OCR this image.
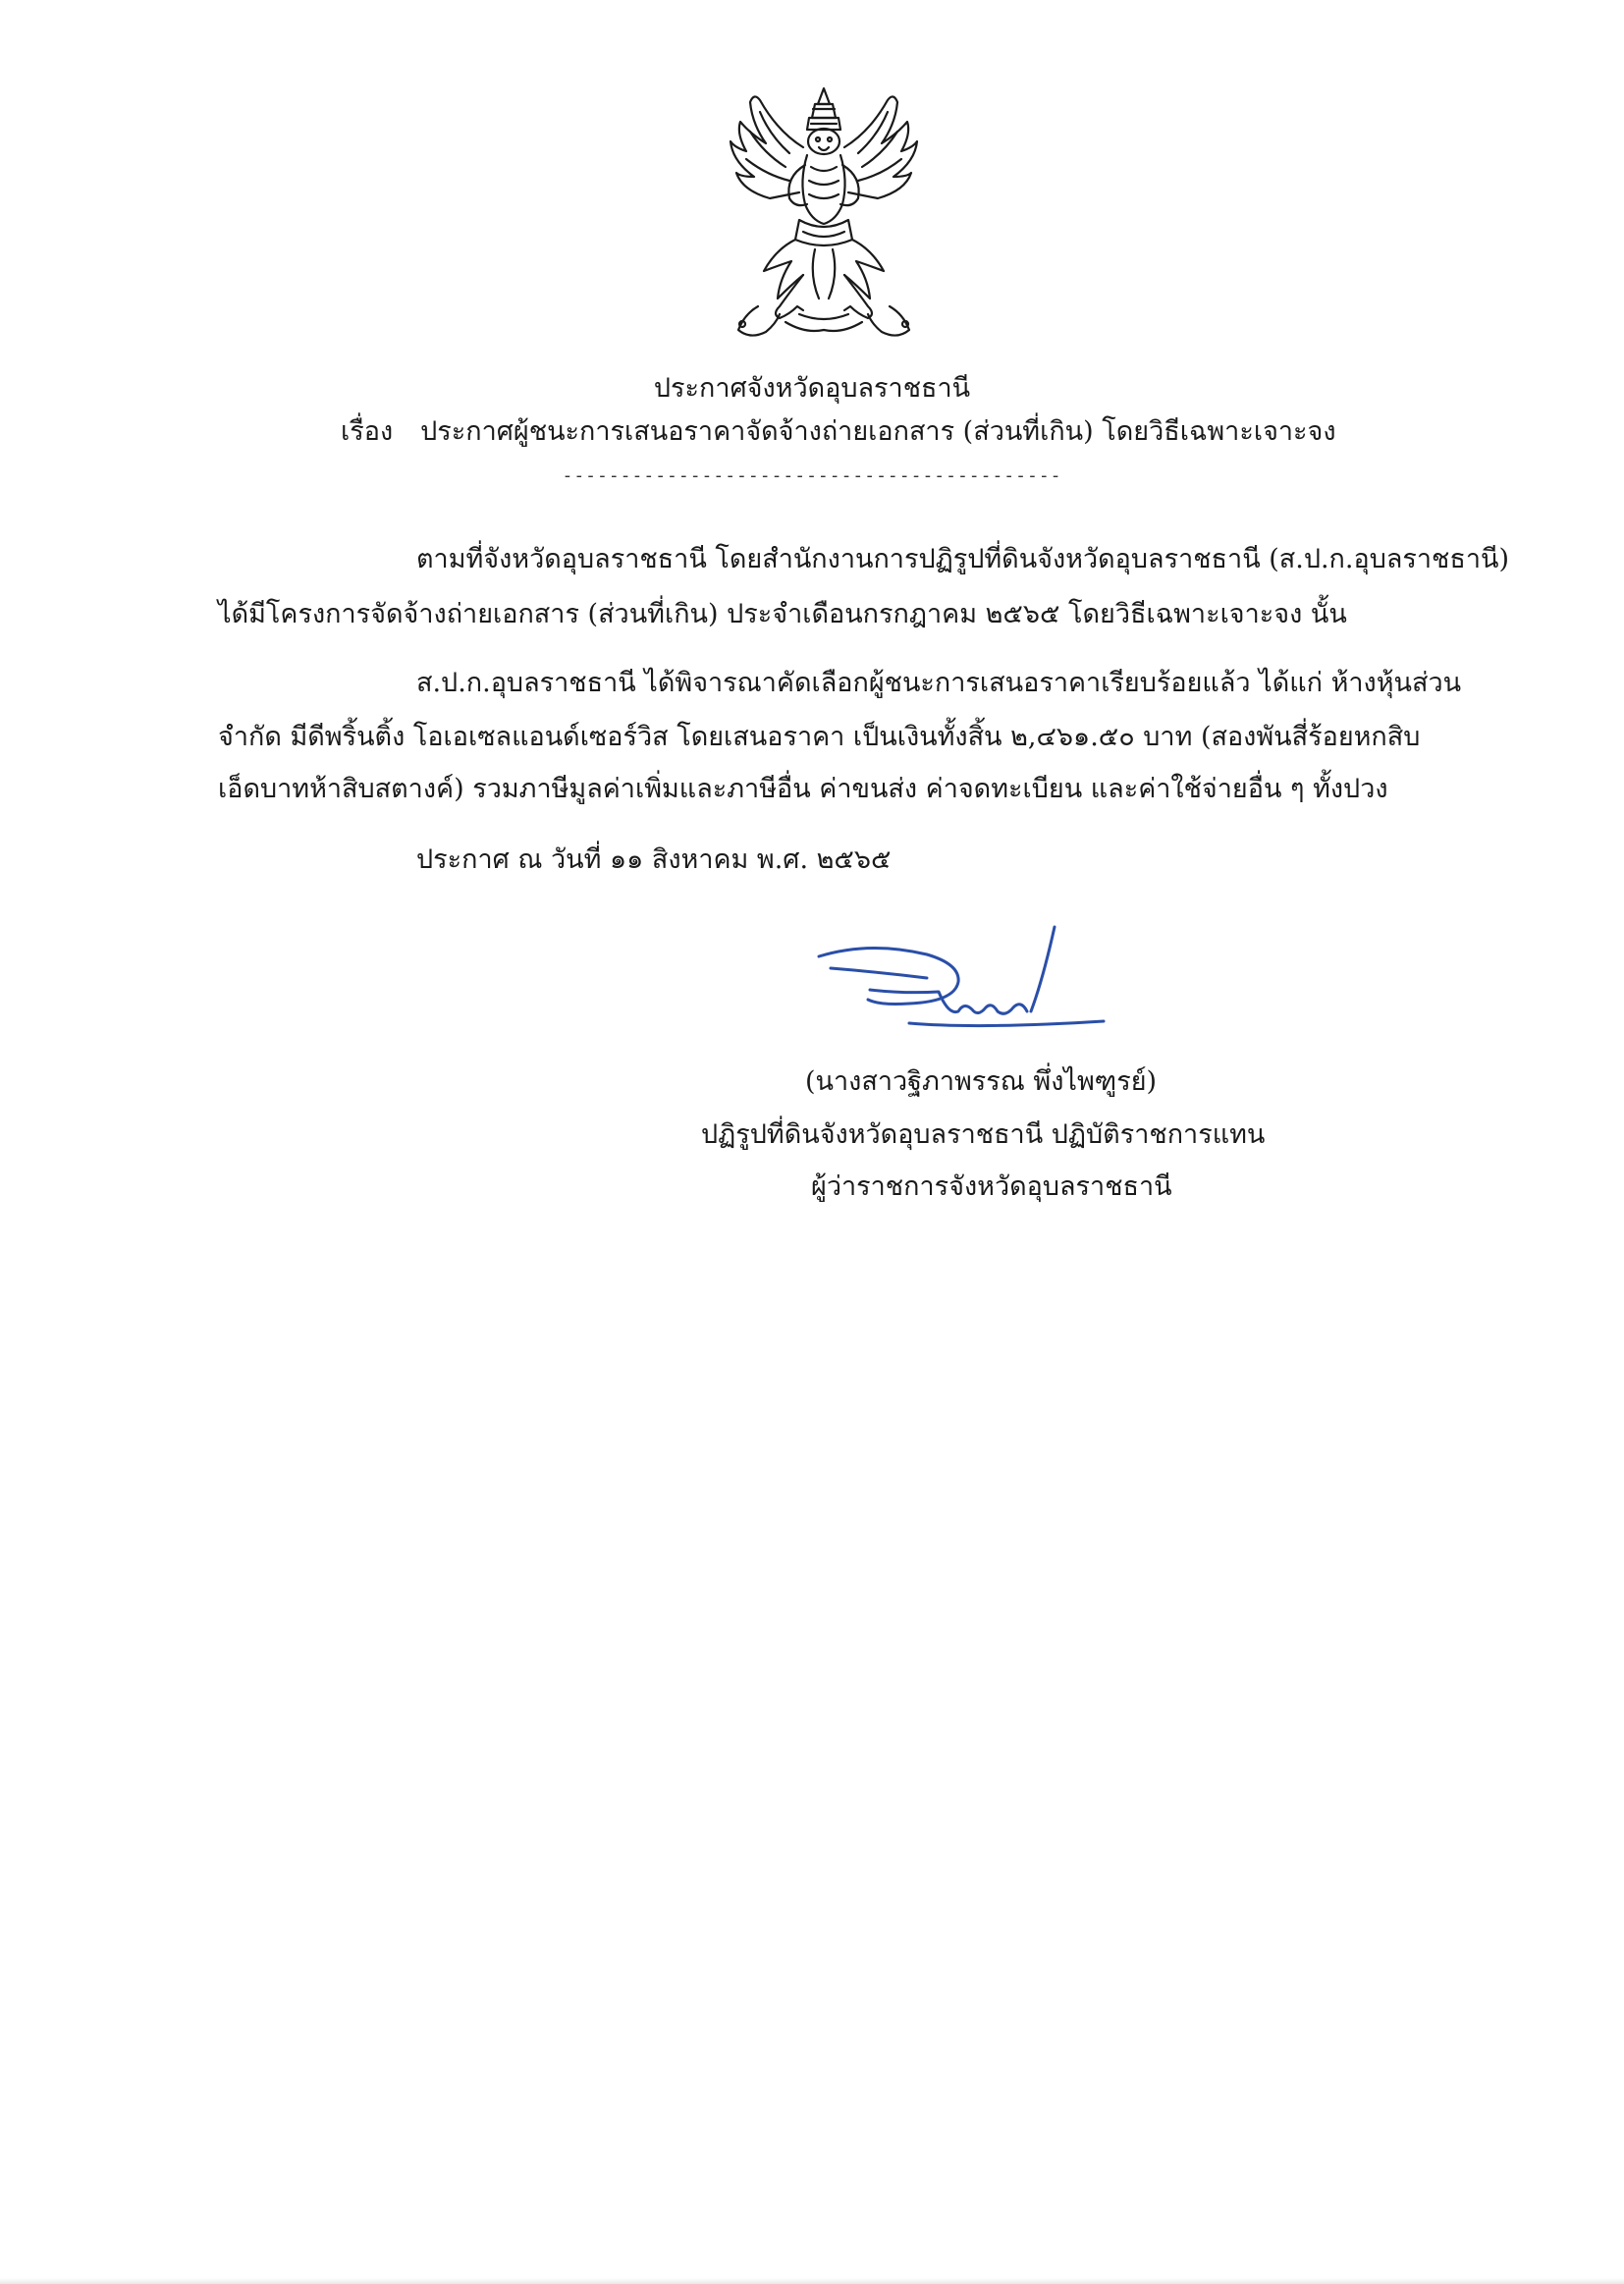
ประกาศจังหวัดอุบลราชธานี
เรื่อง ประกาศผู้ชนะการเสนอราคาจัดจ้างถ่ายเอกสาร (ส่วนที่เกิน) โดยวิธีเฉพาะเจาะจง
-------------------------------------------
ตามที่จังหวัดอุบลราชธานี โดยสำนักงานการปฏิรูปที่ดินจังหวัดอุบลราชธานี (ส.ป.ก.อุบลราชธานี)
ได้มีโครงการจัดจ้างถ่ายเอกสาร (ส่วนที่เกิน) ประจำเดือนกรกฎาคม ๒๕๖๕ โดยวิธีเฉพาะเจาะจง นั้น
ส.ป.ก.อุบลราชธานี ได้พิจารณาคัดเลือกผู้ชนะการเสนอราคาเรียบร้อยแล้ว ได้แก่ ห้างหุ้นส่วน
จำกัด มีดีพริ้นติ้ง โอเอเซลแอนด์เซอร์วิส โดยเสนอราคา เป็นเงินทั้งสิ้น ๒,๔๖๑.๕๐ บาท (สองพันสี่ร้อยหกสิบ
เอ็ดบาทห้าสิบสตางค์) รวมภาษีมูลค่าเพิ่มและภาษีอื่น ค่าขนส่ง ค่าจดทะเบียน และค่าใช้จ่ายอื่น ๆ ทั้งปวง
ประกาศ ณ วันที่ ๑๑ สิงหาคม พ.ศ. ๒๕๖๕
(นางสาวฐิภาพรรณ พึ่งไพฑูรย์)
ปฏิรูปที่ดินจังหวัดอุบลราชธานี ปฏิบัติราชการแทน
ผู้ว่าราชการจังหวัดอุบลราชธานี
